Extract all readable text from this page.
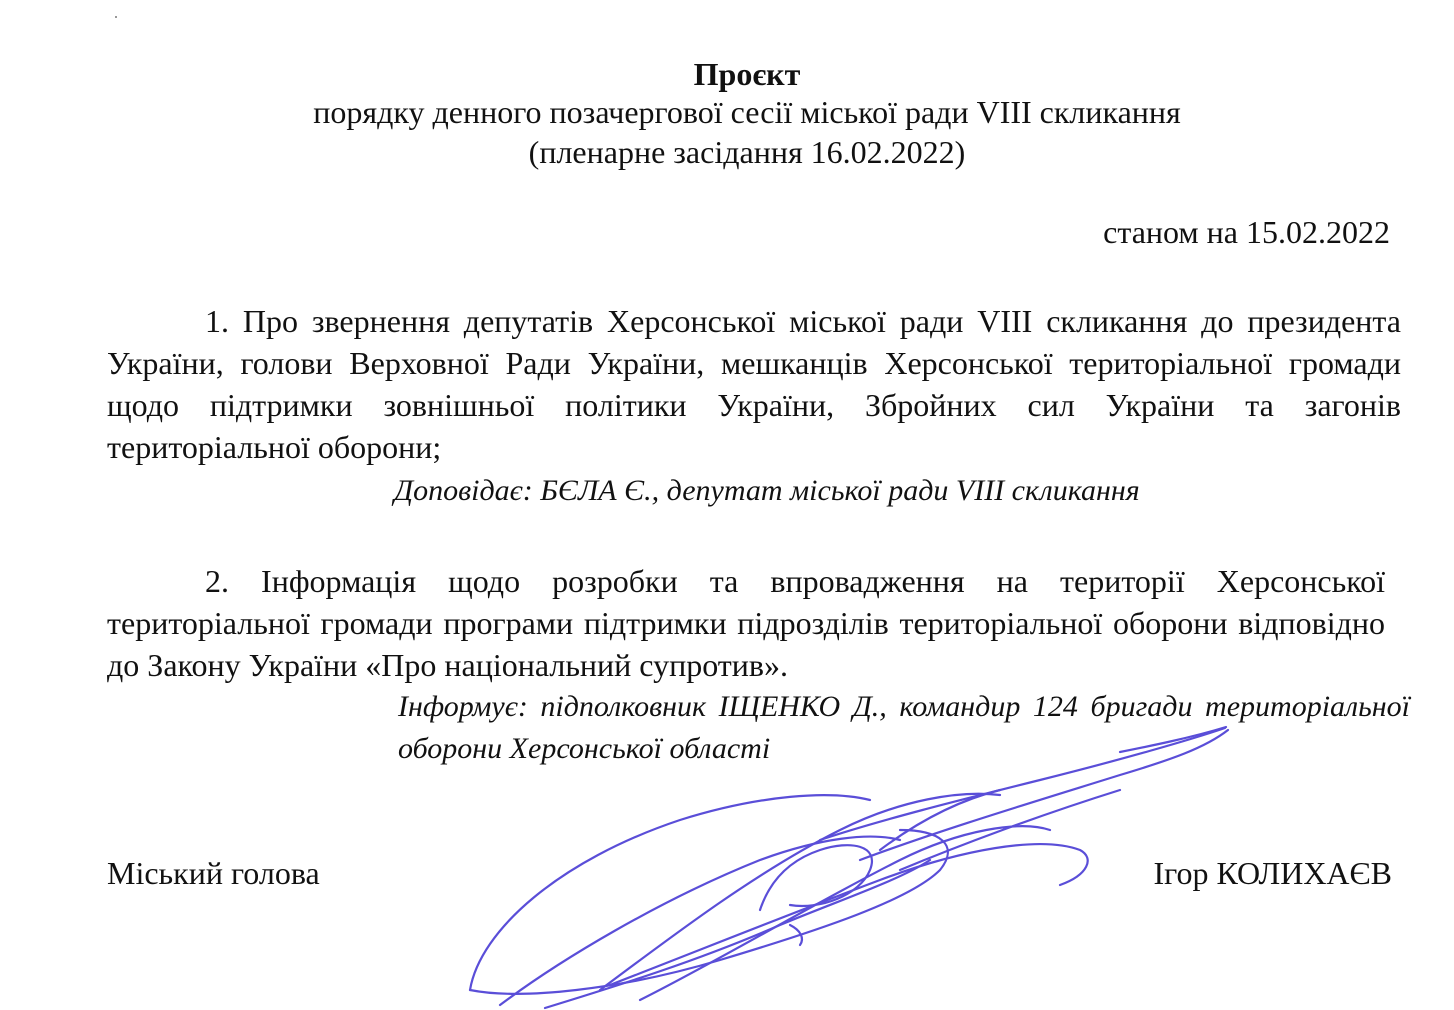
Проєкт
порядку денного позачергової сесії міської ради VIII скликання
(пленарне засідання 16.02.2022)
станом на 15.02.2022
1. Про звернення депутатів Херсонської міської ради VIII скликання до президента України, голови Верховної Ради України, мешканців Херсонської територіальної громади щодо підтримки зовнішньої політики України, Збройних сил України та загонів територіальної оборони;
Доповідає: БЄЛА Є., депутат міської ради VIII скликання
2. Інформація щодо розробки та впровадження на території Херсонської територіальної громади програми підтримки підрозділів територіальної оборони відповідно до Закону України «Про національний супротив».
Інформує: підполковник ІЩЕНКО Д., командир 124 бригади територіальної оборони Херсонської області
Міський голова	Ігор КОЛИХАЄВ
